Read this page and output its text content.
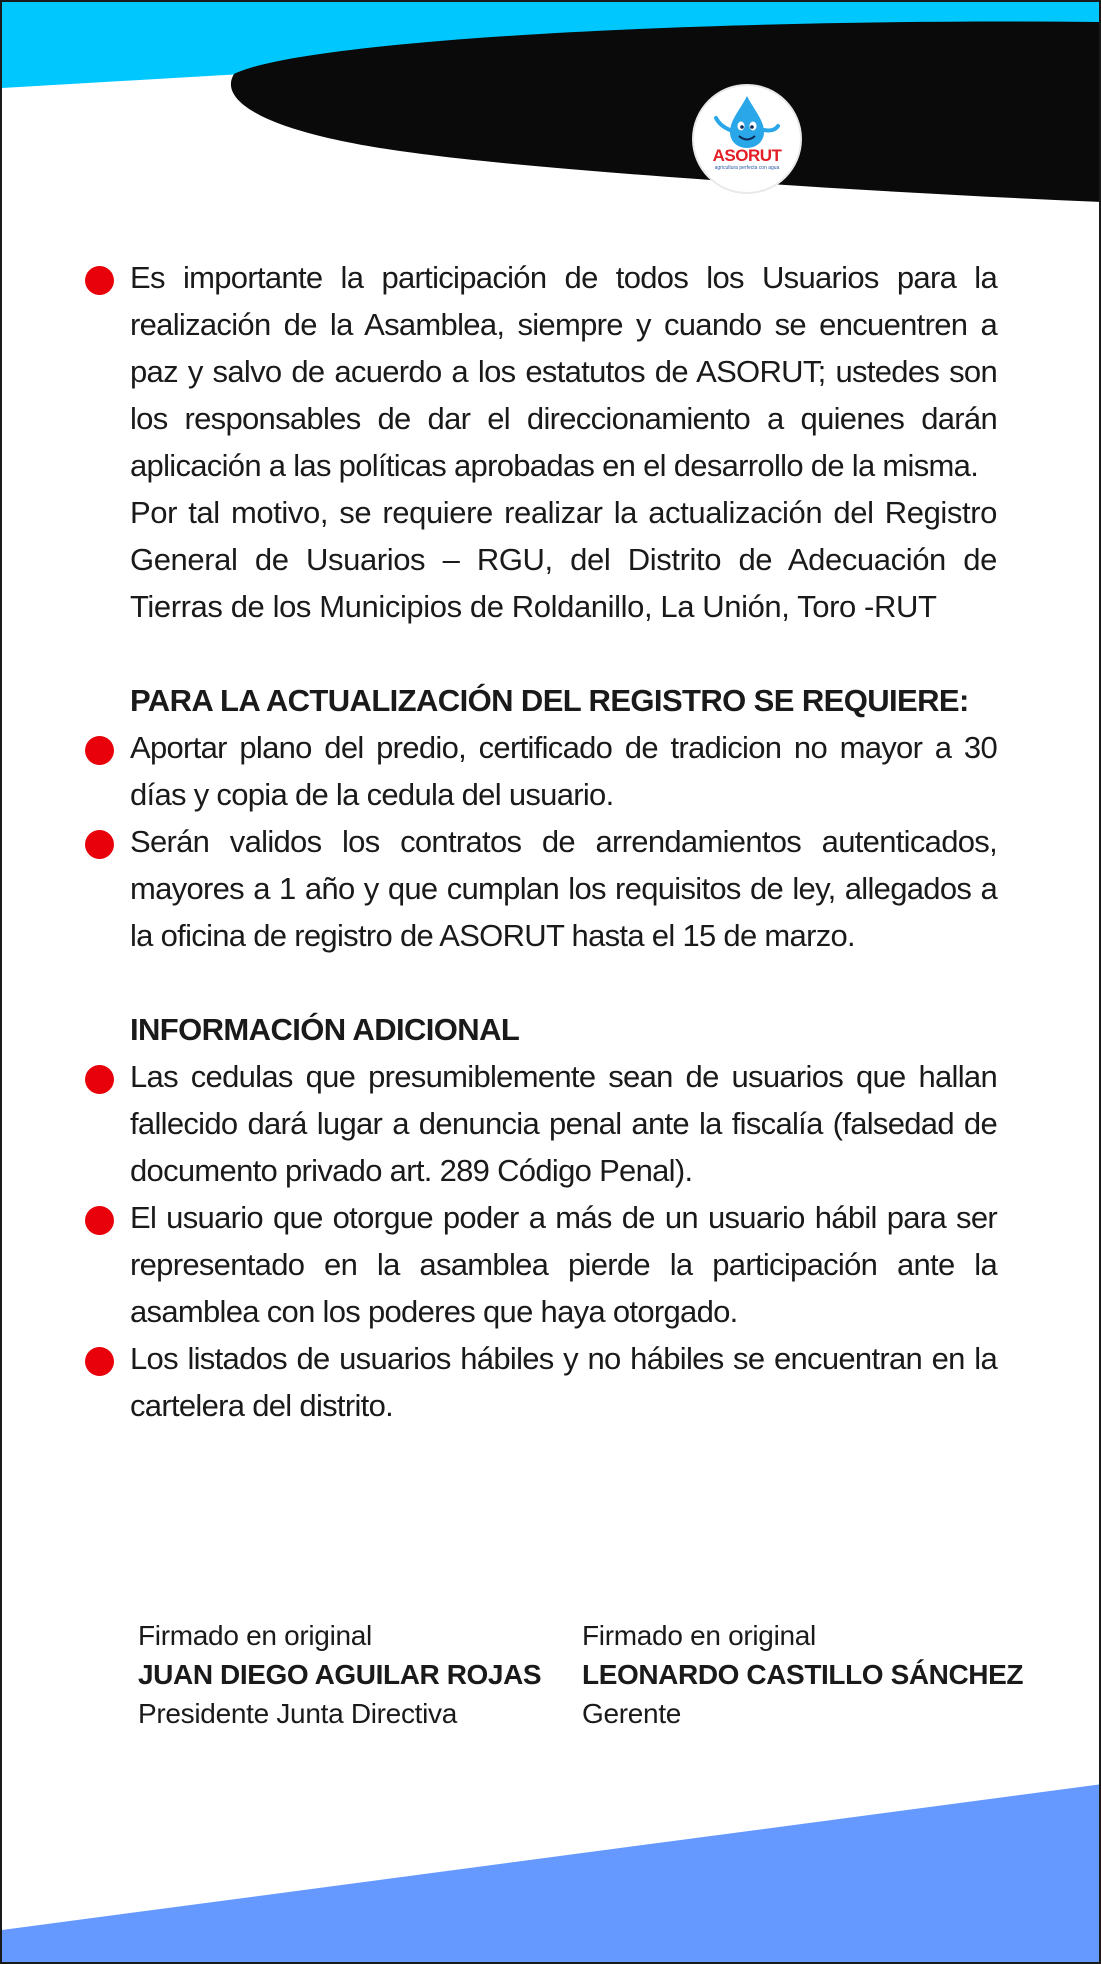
ASORUT
agricultura perfecta con agua
Es importante la participación de todos los Usuarios para la realización de la Asamblea, siempre y cuando se encuentren a paz y salvo de acuerdo a los estatutos de ASORUT; ustedes son los responsables de dar el direccionamiento a quienes darán aplicación a las políticas aprobadas en el desarrollo de la misma.
Por tal motivo, se requiere realizar la actualización del Registro General de Usuarios – RGU, del Distrito de Adecuación de Tierras de los Municipios de Roldanillo, La Unión, Toro -RUT
PARA LA ACTUALIZACIÓN DEL REGISTRO SE REQUIERE:
Aportar plano del predio, certificado de tradicion no mayor a 30 días y copia de la cedula del usuario.
Serán validos los contratos de arrendamientos autenticados, mayores a 1 año y que cumplan los requisitos de ley, allegados a la oficina de registro de ASORUT hasta el 15 de marzo.
INFORMACIÓN ADICIONAL
Las cedulas que presumiblemente sean de usuarios que hallan fallecido dará lugar a denuncia penal ante la fiscalía (falsedad de documento privado art. 289 Código Penal).
El usuario que otorgue poder a más de un usuario hábil para ser representado en la asamblea pierde la participación ante la asamblea con los poderes que haya otorgado.
Los listados de usuarios hábiles y no hábiles se encuentran en la cartelera del distrito.
Firmado en original
JUAN DIEGO AGUILAR ROJAS
Presidente Junta Directiva
Firmado en original
LEONARDO CASTILLO SÁNCHEZ
Gerente
